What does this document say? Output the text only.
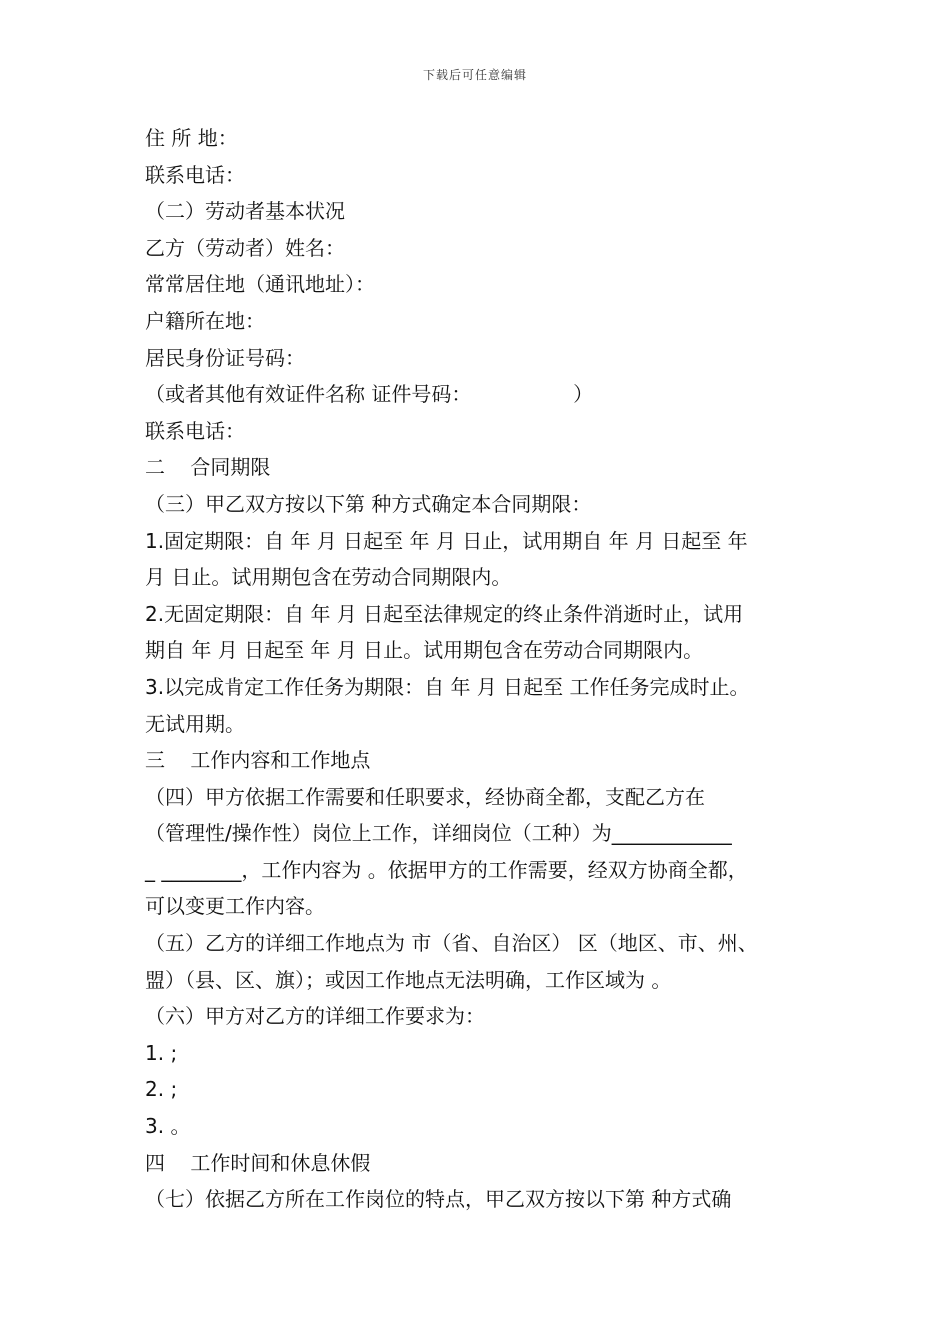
下载后可任意编辑
住 所 地：
联系电话：
（二）劳动者基本状况
乙方（劳动者）姓名：
常常居住地（通讯地址）：
户籍所在地：
居民身份证号码：
（或者其他有效证件名称 证件号码：                ）
联系电话：
二    合同期限
（三）甲乙双方按以下第 种方式确定本合同期限：
1.固定期限：自 年 月 日起至 年 月 日止，试用期自 年 月 日起至 年
月 日止。试用期包含在劳动合同期限内。
2.无固定期限：自 年 月 日起至法律规定的终止条件消逝时止，试用
期自 年 月 日起至 年 月 日止。试用期包含在劳动合同期限内。
3.以完成肯定工作任务为期限：自 年 月 日起至 工作任务完成时止。
无试用期。
三    工作内容和工作地点
（四）甲方依据工作需要和任职要求，经协商全都，支配乙方在
（管理性/操作性）岗位上工作，详细岗位（工种）为____________
_ ________，工作内容为 。依据甲方的工作需要，经双方协商全都，
可以变更工作内容。
（五）乙方的详细工作地点为 市（省、自治区） 区（地区、市、州、
盟）（县、区、旗）；或因工作地点无法明确，工作区域为 。
（六）甲方对乙方的详细工作要求为：
1. ;
2. ;
3. 。
四    工作时间和休息休假
（七）依据乙方所在工作岗位的特点，甲乙双方按以下第 种方式确
